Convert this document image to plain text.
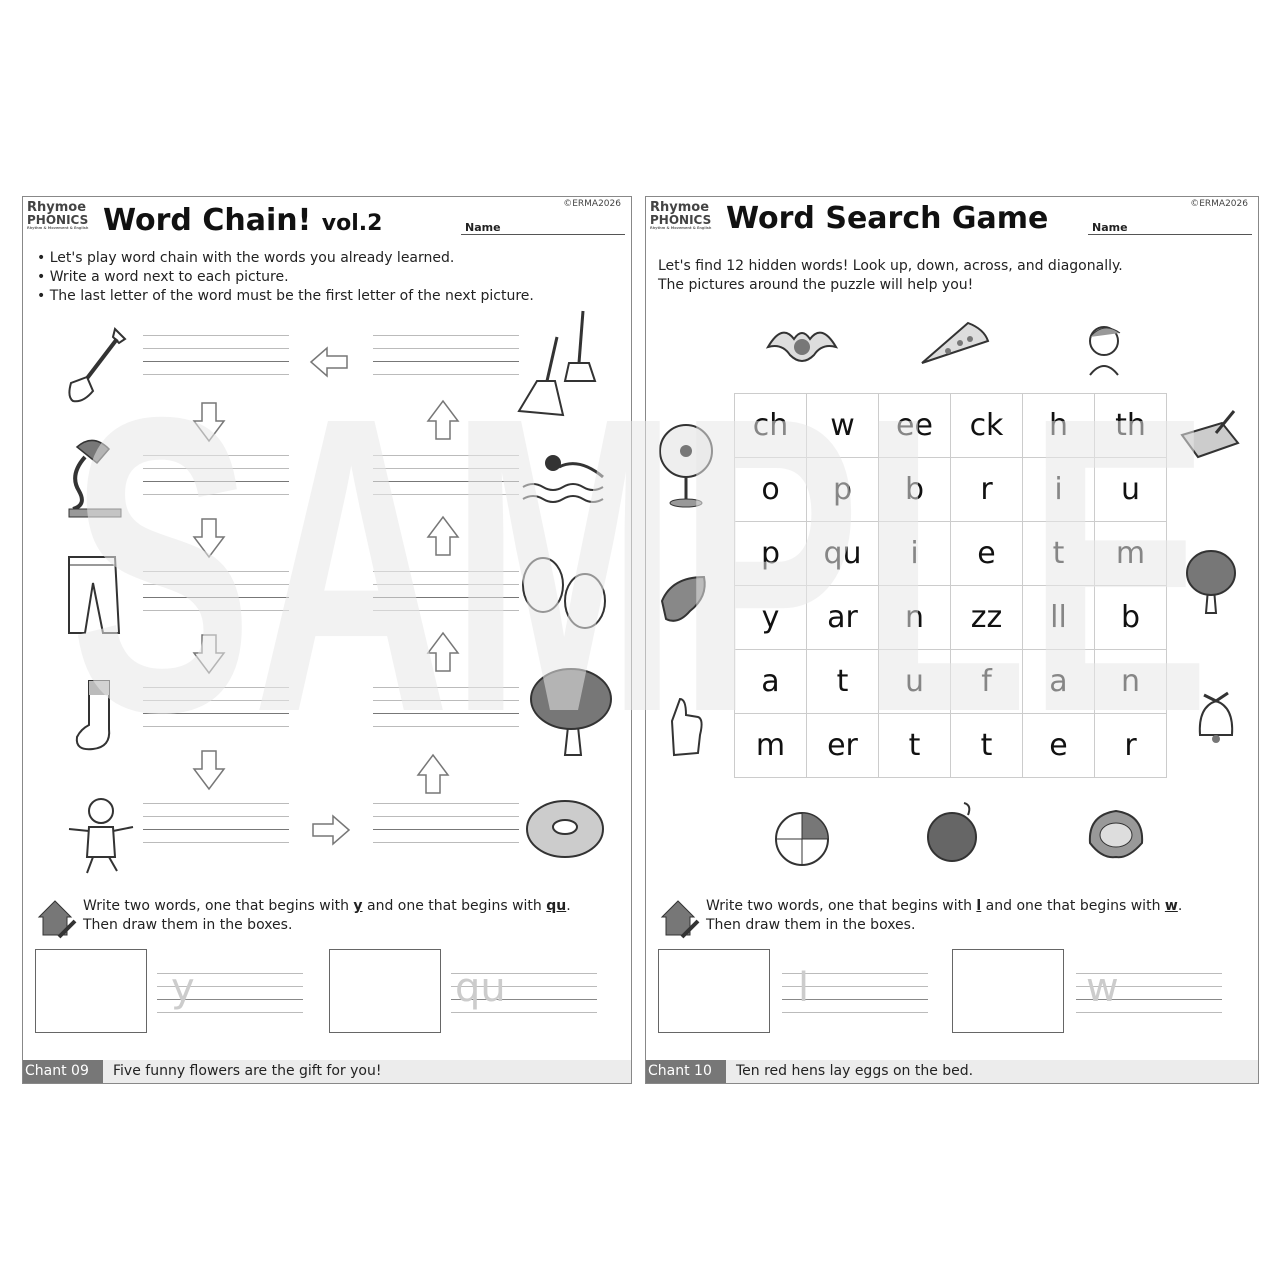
Rhymoe
PHONICS
Rhythm & Movement & English Word Chain! vol.2
©ERMA2026
Name
• Let's play word chain with the words you already learned.
• Write a word next to each picture.
• The last letter of the word must be the first letter of the next picture.
Write two words, one that begins with y and one that begins with qu.
Then draw them in the boxes.
y	qu
Chant 09	Five funny flowers are the gift for you!
Rhymoe
PHONICS
Rhythm & Movement & English Word Search Game	©ERMA2026
Name
Let's find 12 hidden words! Look up, down, across, and diagonally.
The pictures around the puzzle will help you!
ch	w	ee	ck	h	th
o	p	b	r	i	u
p	qu	i	e	t	m
y	ar	n	zz	ll	b
a	t	u	f	a	n
m	er	t	t	e	r
Write two words, one that begins with l and one that begins with w.
Then draw them in the boxes.
l	w
Chant 10	Ten red hens lay eggs on the bed.
SAMPLE
